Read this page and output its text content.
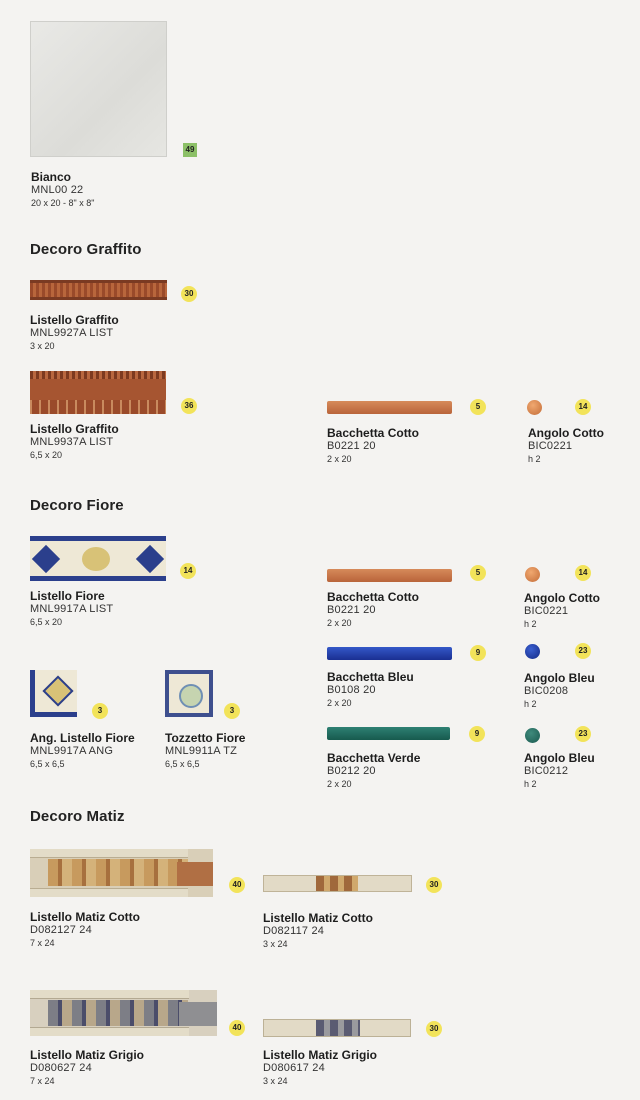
49
Bianco
MNL00 22
20 x 20 - 8" x 8"
Decoro Graffito
30
Listello Graffito
MNL9927A LIST
3 x 20
36
Listello Graffito
MNL9937A LIST
6,5 x 20
5
Bacchetta Cotto
B0221 20
2 x 20
14
Angolo Cotto
BIC0221
h 2
Decoro Fiore
14
Listello Fiore
MNL9917A LIST
6,5 x 20
5
Bacchetta Cotto
B0221 20
2 x 20
14
Angolo Cotto
BIC0221
h 2
9
Bacchetta Bleu
B0108 20
2 x 20
23
Angolo Bleu
BIC0208
h 2
3
Ang. Listello Fiore
MNL9917A ANG
6,5 x 6,5
3
Tozzetto Fiore
MNL9911A TZ
6,5 x 6,5
9
Bacchetta Verde
B0212 20
2 x 20
23
Angolo Bleu
BIC0212
h 2
Decoro Matiz
40
Listello Matiz Cotto
D082127 24
7 x 24
30
Listello Matiz Cotto
D082117 24
3 x 24
40
Listello Matiz Grigio
D080627 24
7 x 24
30
Listello Matiz Grigio
D080617 24
3 x 24
